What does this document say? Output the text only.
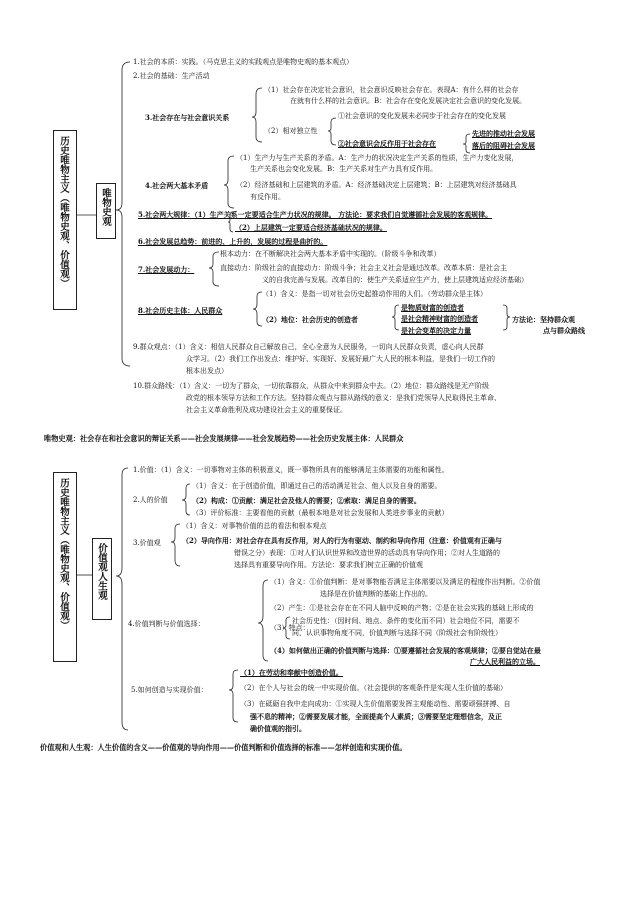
历史唯物主义（唯物史观、价值观）	唯物史观
1.社会的本质：实践。（马克思主义的实践观点是唯物史观的基本观点）
2.社会的基础：生产活动
（1）社会存在决定社会意识，社会意识反映社会存在。表现A：有什么样的社会存
在就有什么样的社会意识。B：社会存在变化发展决定社会意识的变化发展。
3.社会存在与社会意识关系	①社会意识的变化发展未必同步于社会存在的变化发展
（2）相对独立性
②社会意识会反作用于社会存在
先进的推动社会发展
落后的阻碍社会发展
（1）生产力与生产关系的矛盾。A：生产力的状况决定生产关系的性质，生产力变化发展，
生产关系也会变化发展。B：生产关系对生产力具有反作用。
4.社会两大基本矛盾	（2）经济基础和上层建筑的矛盾。A：经济基础决定上层建筑；B：上层建筑对经济基础具
有反作用。
5.社会两大规律：（1）生产关系一定要适合生产力状况的规律。 方法论：要求我们自觉遵循社会发展的客观规律。
（2）上层建筑一定要适合经济基础状况的规律。
6.社会发展总趋势：前进的、上升的，发展的过程是曲折的。
根本动力：在不断解决社会两大基本矛盾中实现的。（阶级斗争和改革）
7.社会发展动力：	直接动力：阶级社会的直接动力：阶级斗争；社会主义社会是通过改革。改革本质：是社会主
义的自我完善与发展。改革目的：使生产关系适应生产力，使上层建筑适应经济基础）
（1）含义：是指一切对社会历史起推动作用的人们。（劳动群众是主体）
8.社会历史主体：人民群众	是物质财富的创造者
（2）地位：社会历史的创造者	是社会精神财富的创造者
是社会变革的决定力量
方法论：坚持群众观
点与群众路线
9.群众观点：（1）含义：相信人民群众自己解放自己，全心全意为人民服务，一切向人民群众负责，虚心向人民群
众学习。（2）我们工作出发点：维护好、实现好、发展好最广大人民的根本利益，是我们一切工作的
根本出发点）
10.群众路线：（1）含义：一切为了群众，一切依靠群众，从群众中来到群众中去。（2）地位：群众路线是无产阶级
政党的根本领导方法和工作方法。坚持群众观点与群从路线的意义：是我们党领导人民取得民主革命、
社会主义革命胜利及成功建设社会主义的重要保证。
唯物史观：社会存在和社会意识的辩证关系——社会发展规律——社会发展趋势——社会历史发展主体：人民群众
历史唯物主义（唯物史观、价值观）	价值观人生观
1.价值：（1）含义：一切事物对主体的积极意义，既一事物所具有的能够满足主体需要的功能和属性。
（1）含义：在于创造价值，即通过自己的活动满足社会、他人以及自身的需要。
2.人的价值	（2）构成：①贡献：满足社会及他人的需要；②索取：满足自身的需要。
（3）评价标准：主要看他的贡献（最根本地是对社会发展和人类进步事业的贡献）
（1）含义：对事物价值的总的看法和根本观点
3.价值观	（2）导向作用：对社会存在具有反作用，对人的行为有驱动、制约和导向作用（注意：价值观有正确与
错误之分）表现：①对人们认识世界和改造世界的活动具有导向作用；②对人生道路的
选择具有重要导向作用。方法论：要求我们树立正确的价值观
（1）含义：①价值判断：是对事物能否满足主体需要以及满足的程度作出判断。②价值
选择是在价值判断的基础上作出的。
（2）产生：①是社会存在在不同人脑中反映的产物；②是在社会实践的基础上形成的
4.价值判断与价值选择：	（3）特点：
社会历史性：（因时间、地点、条件的变化而不同）社会地位不同，需要不
同，认识事物角度不同，价值判断与选择不同（阶级社会有阶级性）
（4）如何做出正确的价值判断与选择：①要遵循社会发展的客观规律；②要自觉站在最
广大人民利益的立场。
（1）在劳动和奉献中创造价值。
5.如何创造与实现价值：	（2）在个人与社会的统一中实现价值。（社会提供的客观条件是实现人生价值的基础）
（3）在砥砺自我中走向成功：①实现人生价值需要发挥主观能动性、需要顽强拼搏、自
强不息的精神；②需要发展才能，全面提高个人素质；③需要坚定理想信念，及正
确价值观的指引。
价值观和人生观：人生价值的含义——价值观的导向作用——价值判断和价值选择的标准——怎样创造和实现价值。
